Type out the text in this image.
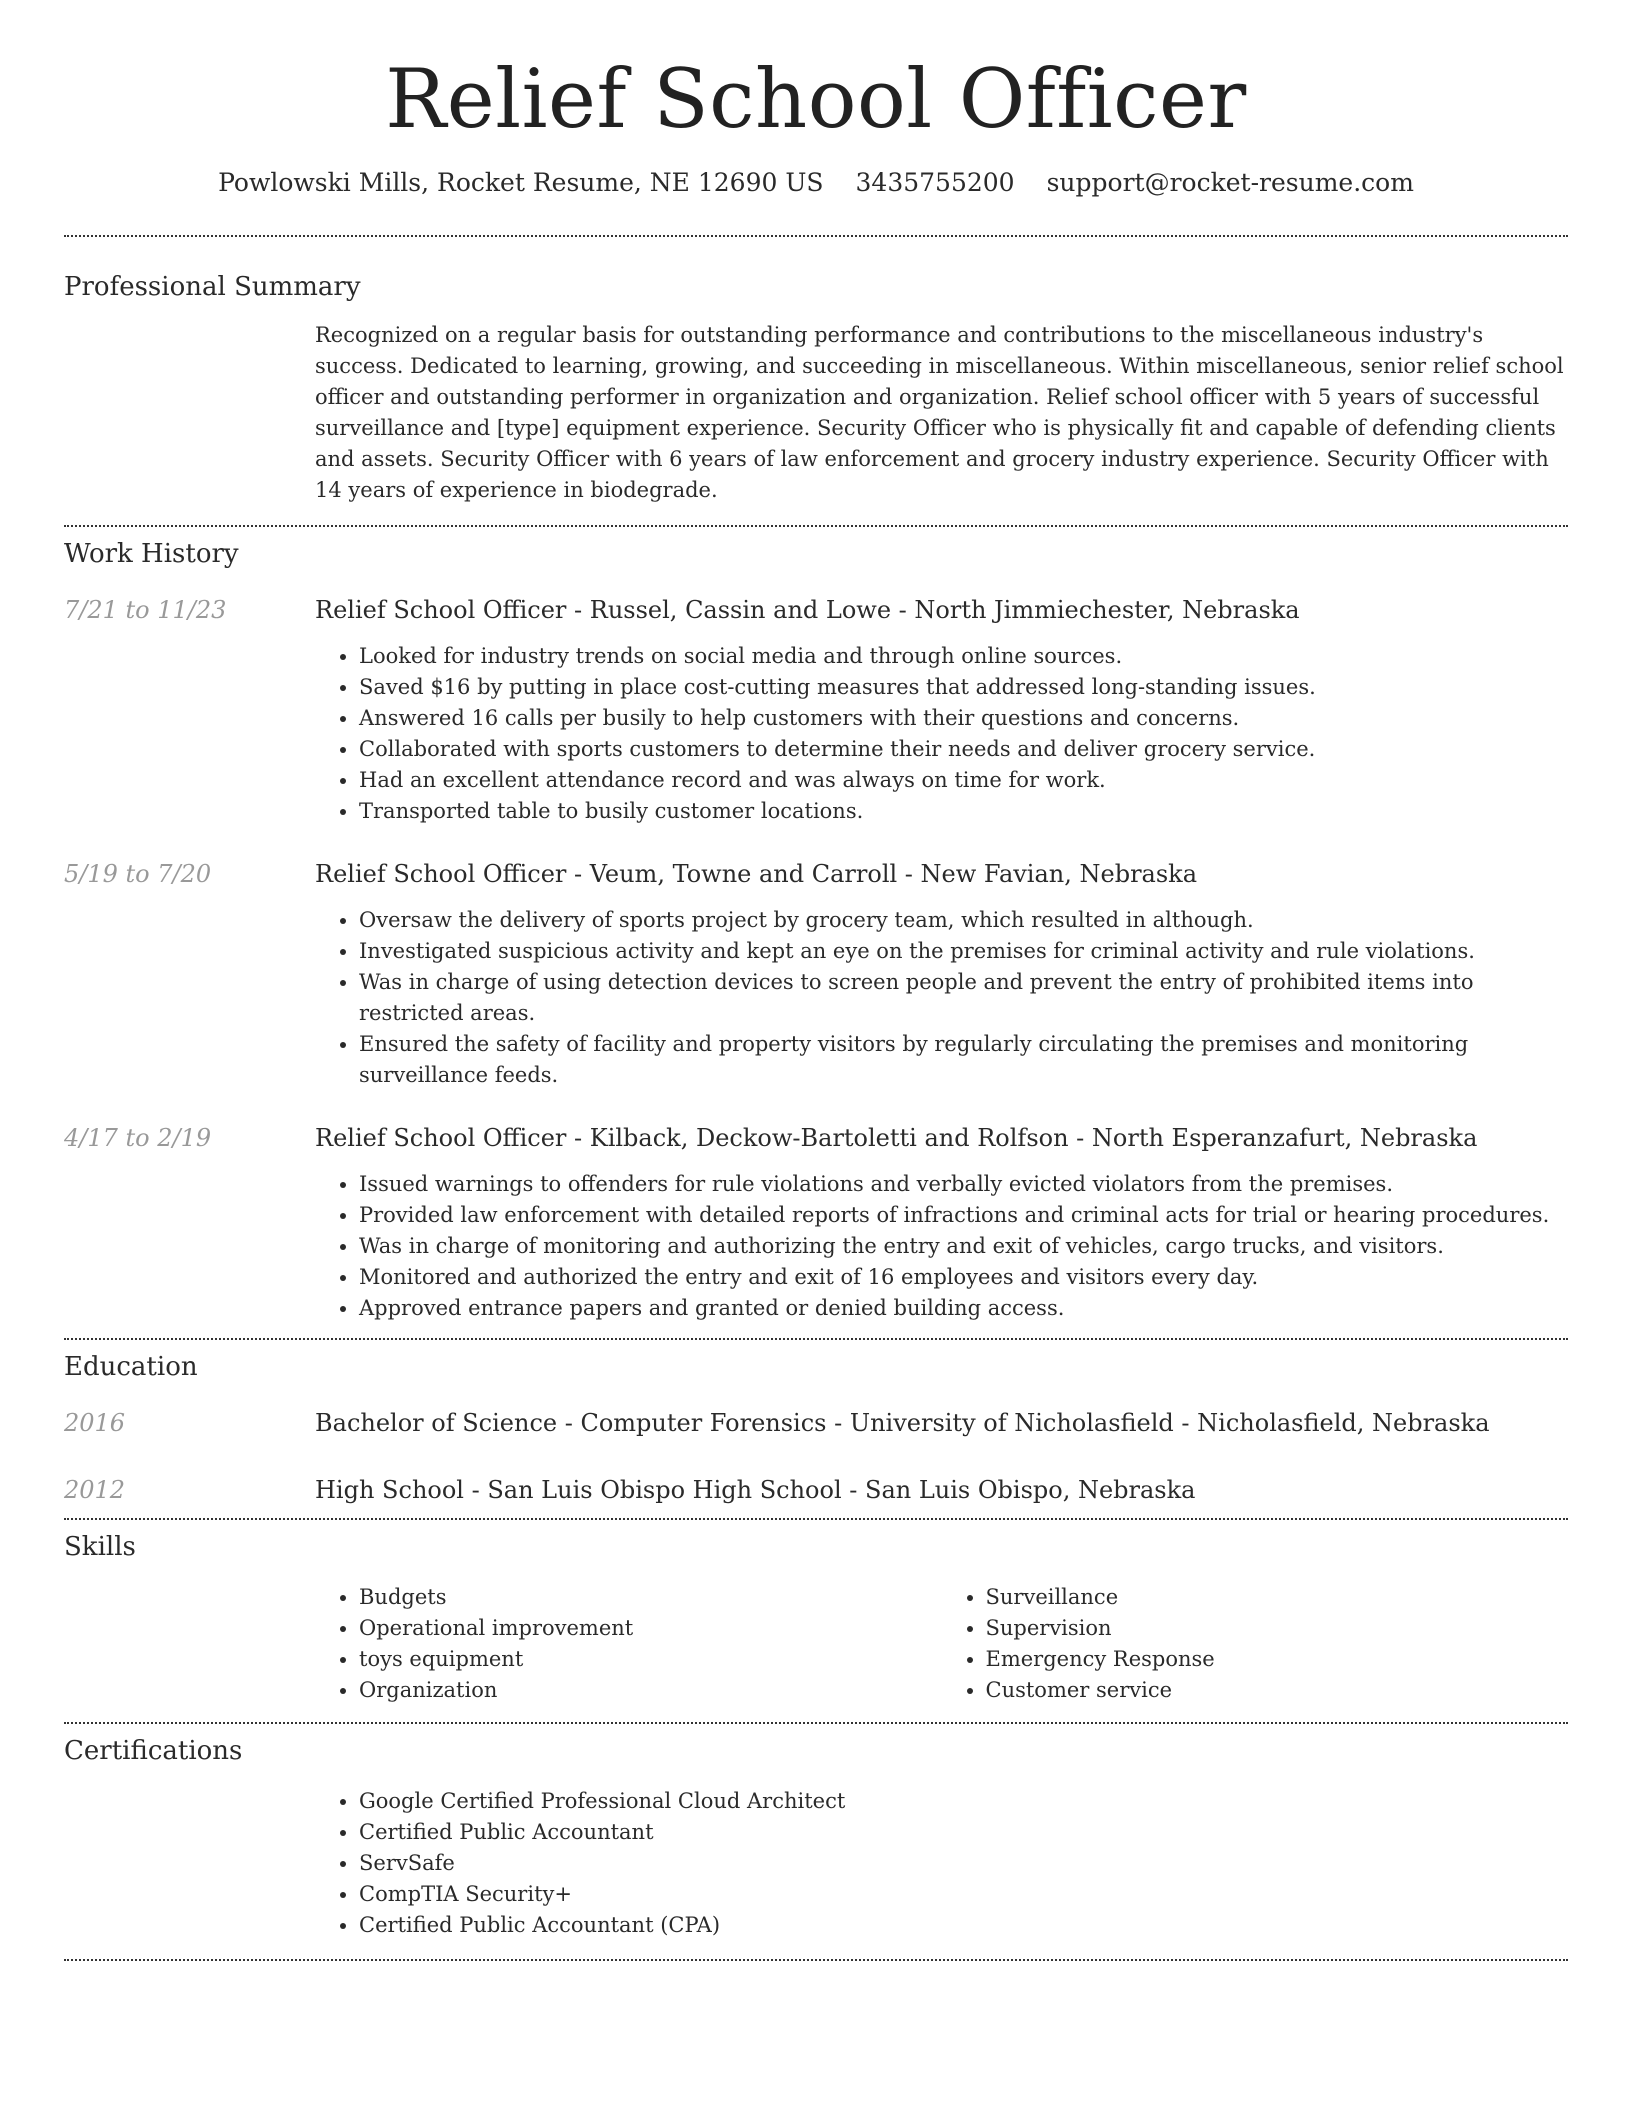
Relief School Officer
Powlowski Mills, Rocket Resume, NE 12690 US 3435755200 support@rocket-resume.com
Professional Summary

Recognized on a regular basis for outstanding performance and contributions to the miscellaneous industry's success. Dedicated to learning, growing, and succeeding in miscellaneous. Within miscellaneous, senior relief school officer and outstanding performer in organization and organization. Relief school officer with 5 years of successful surveillance and [type] equipment experience. Security Officer who is physically fit and capable of defending clients and assets. Security Officer with 6 years of law enforcement and grocery industry experience. Security Officer with 14 years of experience in biodegrade.

Work History
7/21 to 11/23	Relief School Officer - Russel, Cassin and Lowe - North Jimmiechester, Nebraska
• Looked for industry trends on social media and through online sources.
• Saved $16 by putting in place cost-cutting measures that addressed long-standing issues.
• Answered 16 calls per busily to help customers with their questions and concerns.
• Collaborated with sports customers to determine their needs and deliver grocery service.
• Had an excellent attendance record and was always on time for work.
• Transported table to busily customer locations.
5/19 to 7/20	Relief School Officer - Veum, Towne and Carroll - New Favian, Nebraska
• Oversaw the delivery of sports project by grocery team, which resulted in although.
• Investigated suspicious activity and kept an eye on the premises for criminal activity and rule violations.
• Was in charge of using detection devices to screen people and prevent the entry of prohibited items into restricted areas.
• Ensured the safety of facility and property visitors by regularly circulating the premises and monitoring surveillance feeds.
4/17 to 2/19	Relief School Officer - Kilback, Deckow-Bartoletti and Rolfson - North Esperanzafurt, Nebraska
• Issued warnings to offenders for rule violations and verbally evicted violators from the premises.
• Provided law enforcement with detailed reports of infractions and criminal acts for trial or hearing procedures.
• Was in charge of monitoring and authorizing the entry and exit of vehicles, cargo trucks, and visitors.
• Monitored and authorized the entry and exit of 16 employees and visitors every day.
• Approved entrance papers and granted or denied building access.
Education
2016	Bachelor of Science - Computer Forensics - University of Nicholasfield - Nicholasfield, Nebraska
2012	High School - San Luis Obispo High School - San Luis Obispo, Nebraska
Skills
• Budgets
• Operational improvement
• toys equipment
• Organization
• Surveillance
• Supervision
• Emergency Response
• Customer service
Certifications
• Google Certified Professional Cloud Architect
• Certified Public Accountant
• ServSafe
• CompTIA Security+
• Certified Public Accountant (CPA)
